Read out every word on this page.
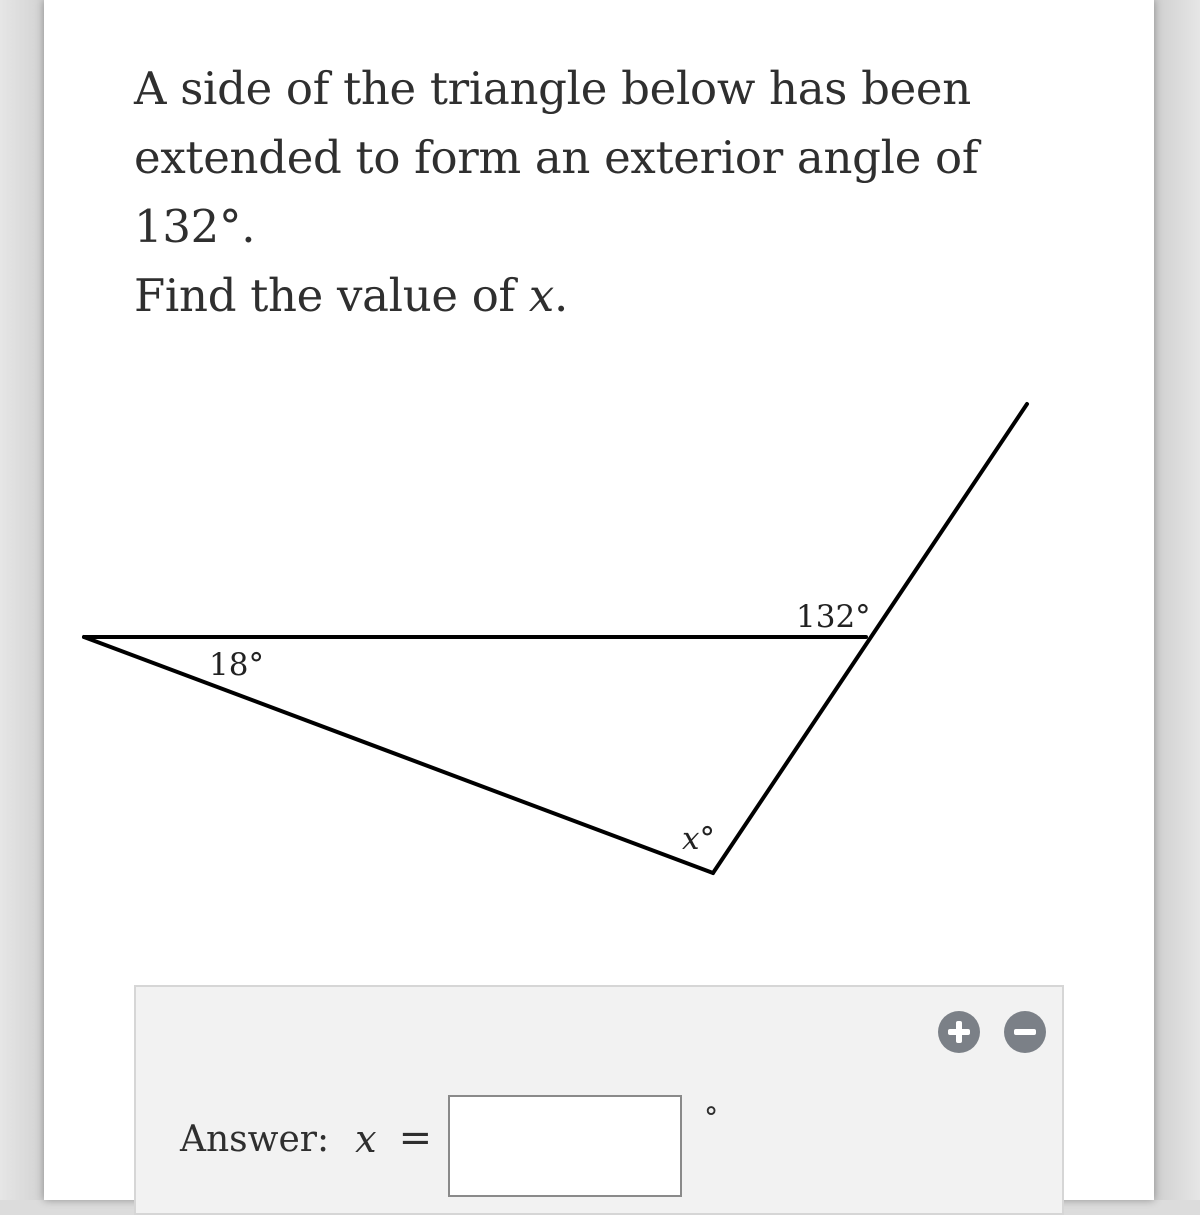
A side of the triangle below has been
extended to form an exterior angle of 132°.
Find the value of x.

Answer: x =	°
18°
132°
x°
